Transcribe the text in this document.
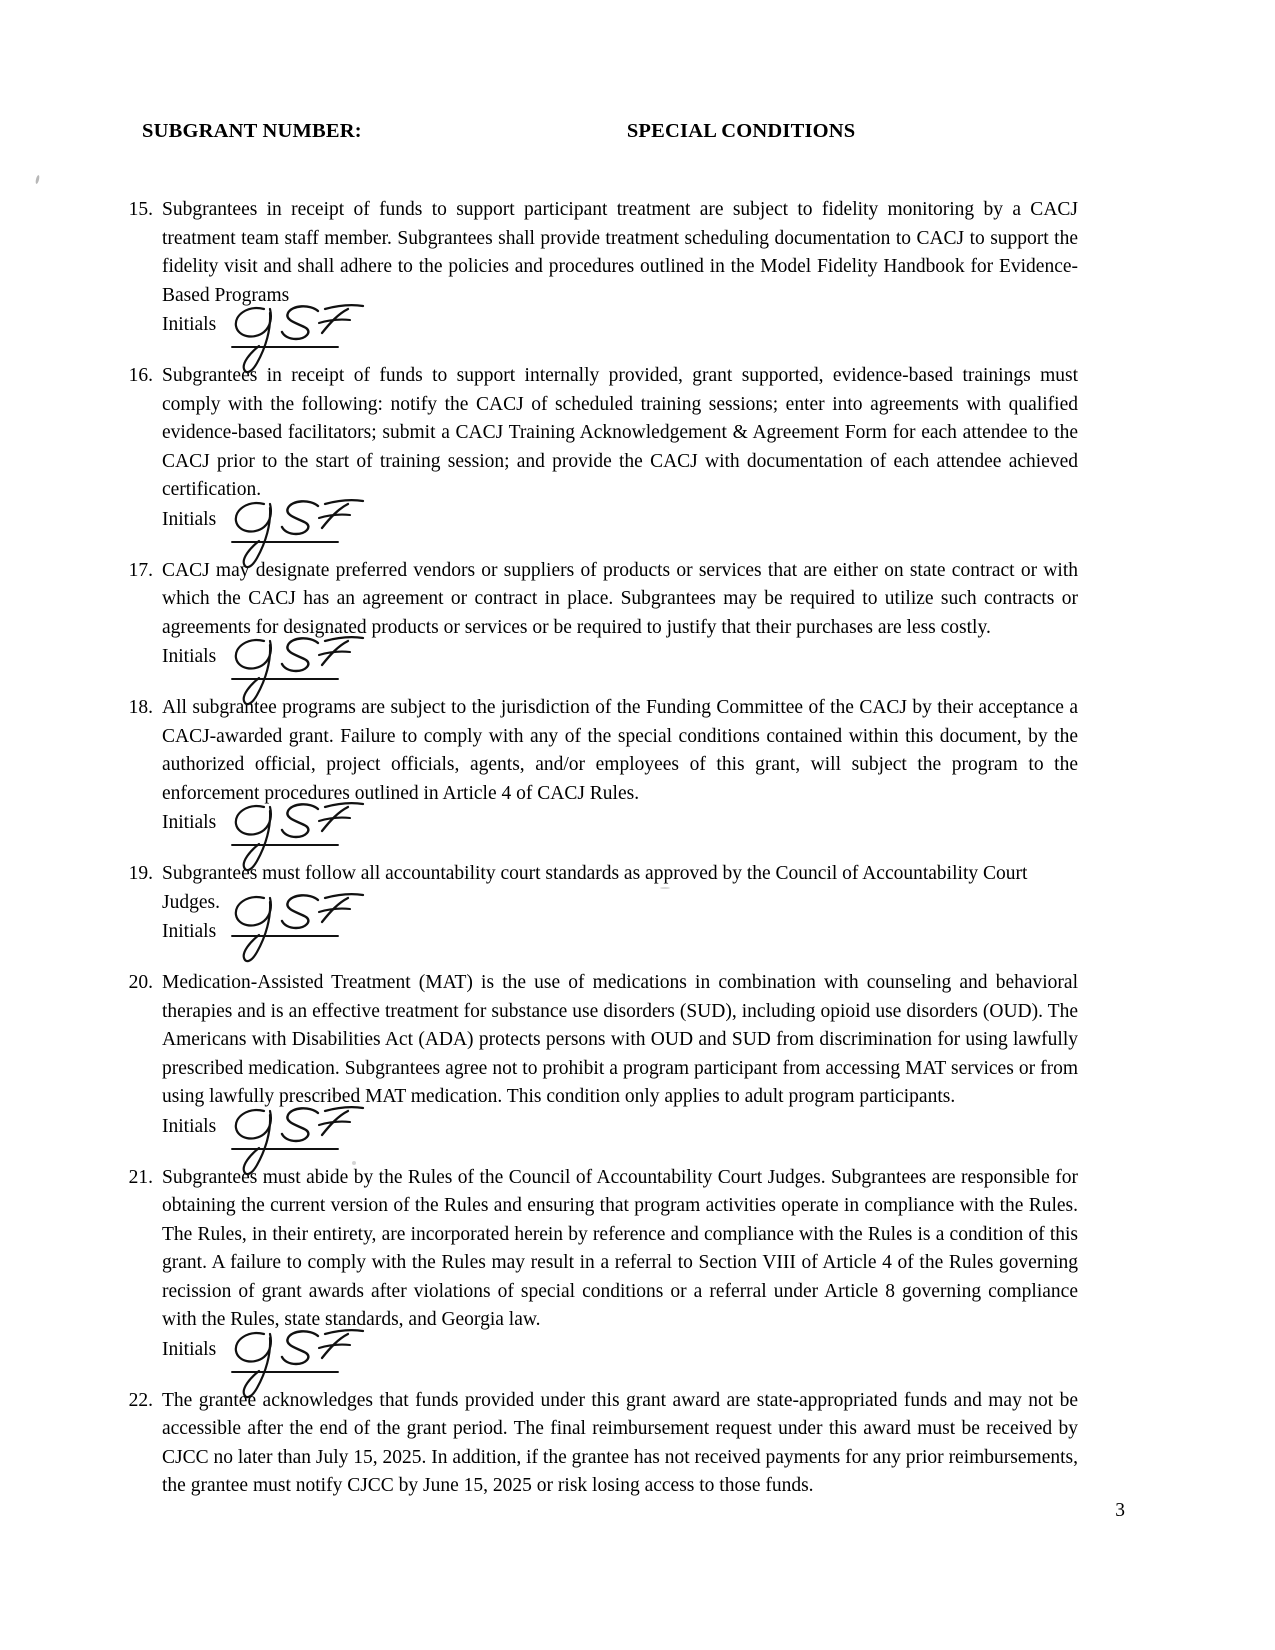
SUBGRANT NUMBER:	SPECIAL CONDITIONS
15. Subgrantees in receipt of funds to support participant treatment are subject to fidelity monitoring by a CACJ treatment team staff member. Subgrantees shall provide treatment scheduling documentation to CACJ to support the fidelity visit and shall adhere to the policies and procedures outlined in the Model Fidelity Handbook for Evidence-Based Programs
Initials
16. Subgrantees in receipt of funds to support internally provided, grant supported, evidence-based trainings must comply with the following: notify the CACJ of scheduled training sessions; enter into agreements with qualified evidence-based facilitators; submit a CACJ Training Acknowledgement & Agreement Form for each attendee to the CACJ prior to the start of training session; and provide the CACJ with documentation of each attendee achieved certification.
Initials
17. CACJ may designate preferred vendors or suppliers of products or services that are either on state contract or with which the CACJ has an agreement or contract in place. Subgrantees may be required to utilize such contracts or agreements for designated products or services or be required to justify that their purchases are less costly.
Initials
18. All subgrantee programs are subject to the jurisdiction of the Funding Committee of the CACJ by their acceptance a CACJ-awarded grant. Failure to comply with any of the special conditions contained within this document, by the authorized official, project officials, agents, and/or employees of this grant, will subject the program to the enforcement procedures outlined in Article 4 of CACJ Rules.
Initials
19. Subgrantees must follow all accountability court standards as approved by the Council of Accountability Court
Judges.
Initials
20. Medication-Assisted Treatment (MAT) is the use of medications in combination with counseling and behavioral therapies and is an effective treatment for substance use disorders (SUD), including opioid use disorders (OUD). The Americans with Disabilities Act (ADA) protects persons with OUD and SUD from discrimination for using lawfully prescribed medication. Subgrantees agree not to prohibit a program participant from accessing MAT services or from using lawfully prescribed MAT medication. This condition only applies to adult program participants.
Initials
21. Subgrantees must abide by the Rules of the Council of Accountability Court Judges. Subgrantees are responsible for obtaining the current version of the Rules and ensuring that program activities operate in compliance with the Rules. The Rules, in their entirety, are incorporated herein by reference and compliance with the Rules is a condition of this grant. A failure to comply with the Rules may result in a referral to Section VIII of Article 4 of the Rules governing recission of grant awards after violations of special conditions or a referral under Article 8 governing compliance with the Rules, state standards, and Georgia law.
Initials
22. The grantee acknowledges that funds provided under this grant award are state-appropriated funds and may not be accessible after the end of the grant period. The final reimbursement request under this award must be received by CJCC no later than July 15, 2025. In addition, if the grantee has not received payments for any prior reimbursements, the grantee must notify CJCC by June 15, 2025 or risk losing access to those funds.
3
